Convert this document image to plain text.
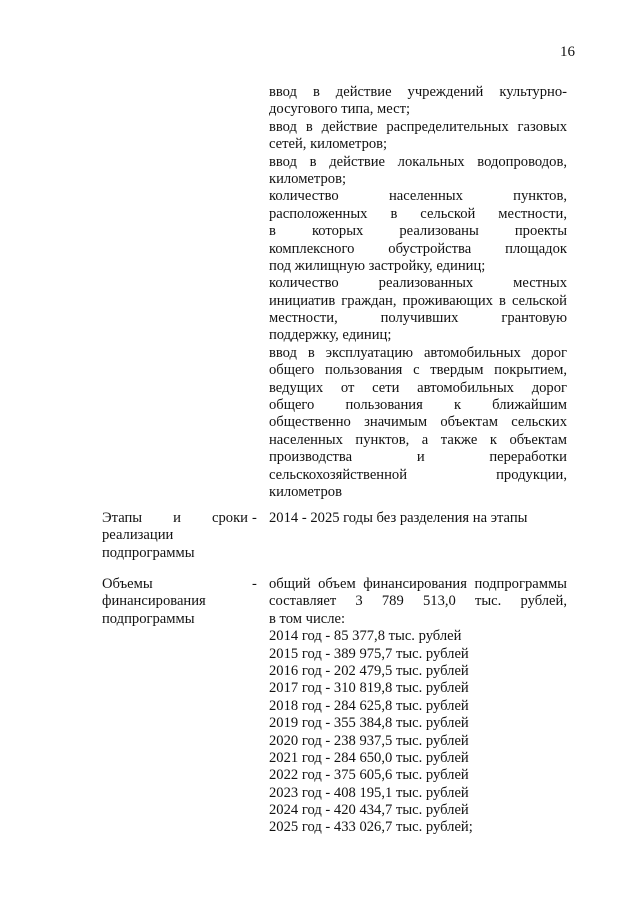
16
ввод в действие учреждений культурно-
досугового типа, мест;
ввод в действие распределительных газовых
сетей, километров;
ввод в действие локальных водопроводов,
километров;
количество населенных пунктов,
расположенных в сельской местности,
в которых реализованы проекты
комплексного обустройства площадок
под жилищную застройку, единиц;
количество реализованных местных
инициатив граждан, проживающих в сельской
местности, получивших грантовую
поддержку, единиц;
ввод в эксплуатацию автомобильных дорог
общего пользования с твердым покрытием,
ведущих от сети автомобильных дорог
общего пользования к ближайшим
общественно значимым объектам сельских
населенных пунктов, а также к объектам
производства и переработки
сельскохозяйственной продукции,
километров
Этапы и сроки
реализации
подпрограммы
- 2014 - 2025 годы без разделения на этапы
Объемы
финансирования
подпрограммы
- общий объем финансирования подпрограммы
составляет 3 789 513,0 тыс. рублей,
в том числе:
2014 год - 85 377,8 тыс. рублей
2015 год - 389 975,7 тыс. рублей
2016 год - 202 479,5 тыс. рублей
2017 год - 310 819,8 тыс. рублей
2018 год - 284 625,8 тыс. рублей
2019 год - 355 384,8 тыс. рублей
2020 год - 238 937,5 тыс. рублей
2021 год - 284 650,0 тыс. рублей
2022 год - 375 605,6 тыс. рублей
2023 год - 408 195,1 тыс. рублей
2024 год - 420 434,7 тыс. рублей
2025 год - 433 026,7 тыс. рублей;
